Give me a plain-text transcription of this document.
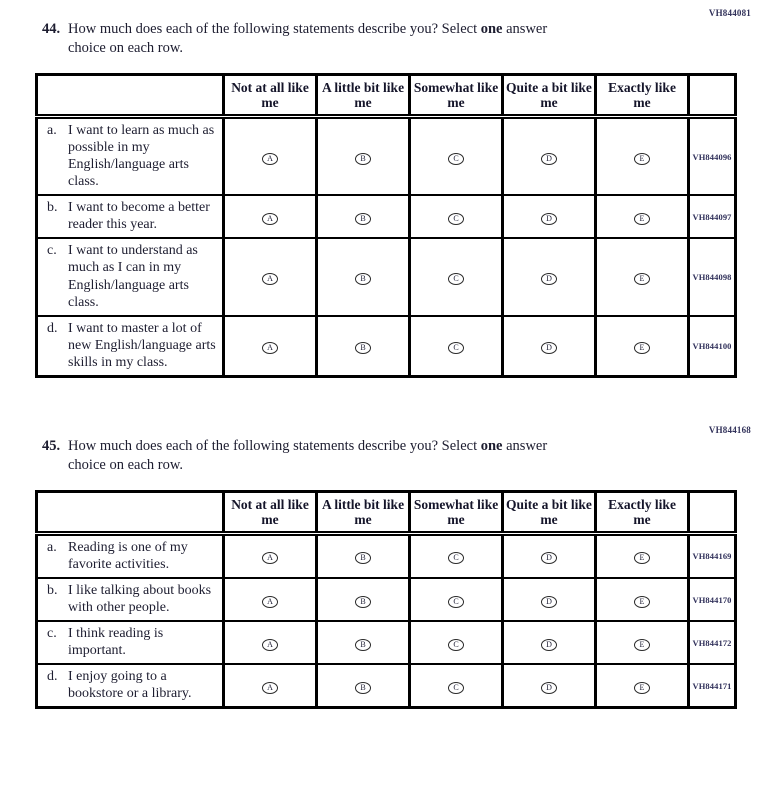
VH844081
44. How much does each of the following statements describe you? Select one answer
choice on each row.
	Not at all like me	A little bit like me	Somewhat like me	Quite a bit like me	Exactly like me	

a. I want to learn as much as possible in my English/language arts class.	A	B	C	D	E	VH844096

b. I want to become a better reader this year.	A	B	C	D	E	VH844097

c. I want to understand as much as I can in my English/language arts class.	A	B	C	D	E	VH844098

d. I want to master a lot of new English/language arts skills in my class.	A	B	C	D	E	VH844100
VH844168
45. How much does each of the following statements describe you? Select one answer
choice on each row.
	Not at all like me	A little bit like me	Somewhat like me	Quite a bit like me	Exactly like me	

a. Reading is one of my favorite activities.	A	B	C	D	E	VH844169

b. I like talking about books with other people.	A	B	C	D	E	VH844170

c. I think reading is important.	A	B	C	D	E	VH844172

d. I enjoy going to a bookstore or a library.	A	B	C	D	E	VH844171
